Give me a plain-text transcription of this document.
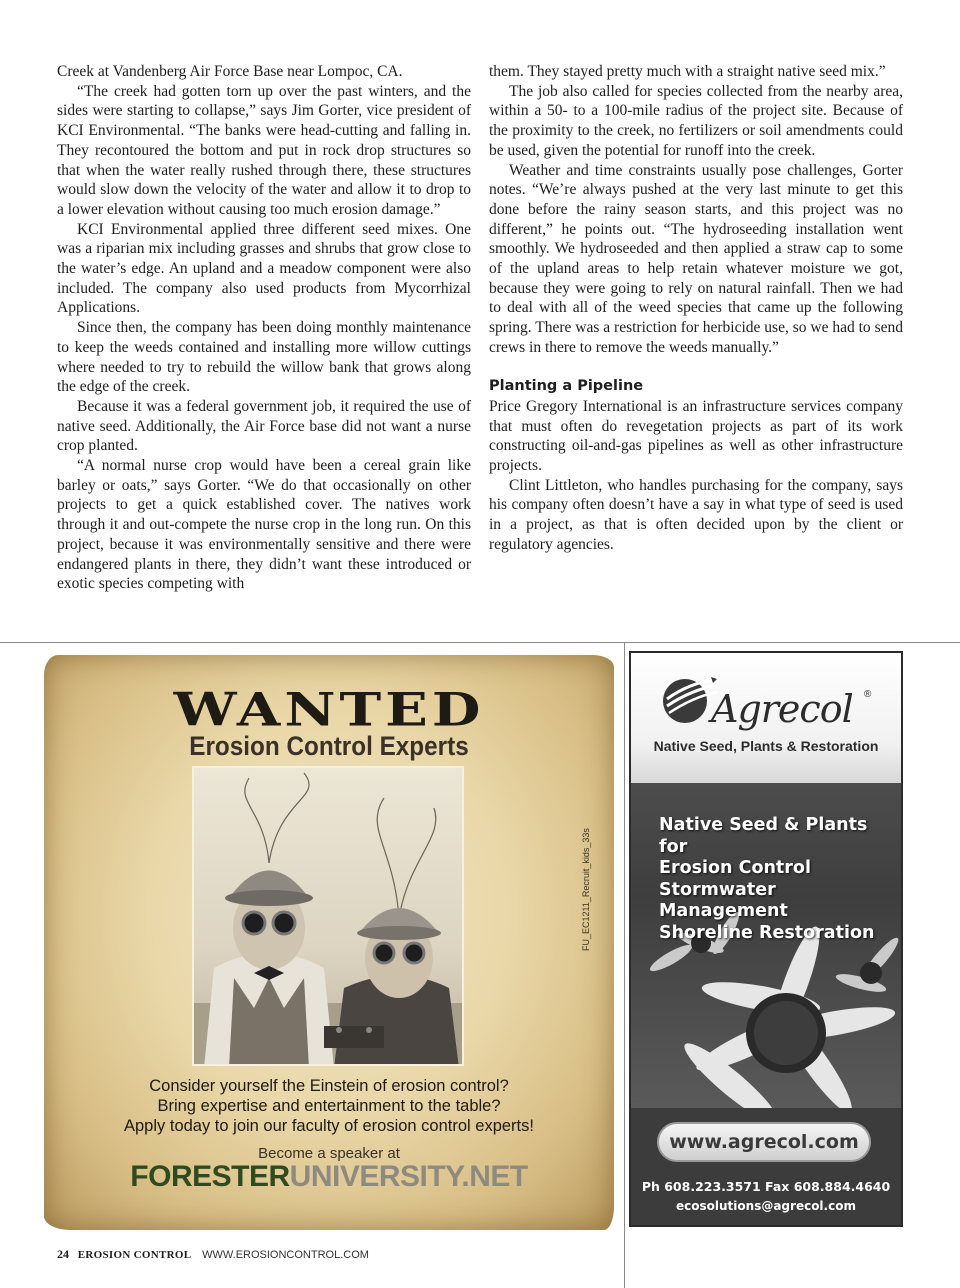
Creek at Vandenberg Air Force Base near Lompoc, CA.

“The creek had gotten torn up over the past winters, and the sides were starting to collapse,” says Jim Gorter, vice president of KCI Environmental. “The banks were head-cutting and falling in. They recontoured the bottom and put in rock drop structures so that when the water really rushed through there, these structures would slow down the velocity of the water and allow it to drop to a lower elevation without causing too much erosion damage.”

KCI Environmental applied three different seed mixes. One was a riparian mix including grasses and shrubs that grow close to the water’s edge. An upland and a meadow component were also included. The company also used products from Mycorrhizal Applications.

Since then, the company has been doing monthly maintenance to keep the weeds contained and installing more willow cuttings where needed to try to rebuild the willow bank that grows along the edge of the creek.

Because it was a federal government job, it required the use of native seed. Additionally, the Air Force base did not want a nurse crop planted.

“A normal nurse crop would have been a cereal grain like barley or oats,” says Gorter. “We do that occasionally on other projects to get a quick established cover. The natives work through it and out-compete the nurse crop in the long run. On this project, because it was environmentally sensitive and there were endangered plants in there, they didn’t want these introduced or exotic species competing with

them. They stayed pretty much with a straight native seed mix.”

The job also called for species collected from the nearby area, within a 50- to a 100-mile radius of the project site. Because of the proximity to the creek, no fertilizers or soil amendments could be used, given the potential for runoff into the creek.

Weather and time constraints usually pose challenges, Gorter notes. “We’re always pushed at the very last minute to get this done before the rainy season starts, and this project was no different,” he points out. “The hydroseeding installation went smoothly. We hydroseeded and then applied a straw cap to some of the upland areas to help retain whatever moisture we got, because they were going to rely on natural rainfall. Then we had to deal with all of the weed species that came up the following spring. There was a restriction for herbicide use, so we had to send crews in there to remove the weeds manually.”

Planting a Pipeline

Price Gregory International is an infrastructure services company that must often do revegetation projects as part of its work constructing oil-and-gas pipelines as well as other infrastructure projects.

Clint Littleton, who handles purchasing for the company, says his company often doesn’t have a say in what type of seed is used in a project, as that is often decided upon by the client or regulatory agencies.

WANTED
Erosion Control Experts
FU_EC1211_Recruit_kids_33s
Consider yourself the Einstein of erosion control?
Bring expertise and entertainment to the table?
Apply today to join our faculty of erosion control experts!
Become a speaker at
FORESTERUNIVERSITY.NET
Agrecol ®
Native Seed, Plants & Restoration
Native Seed & Plants for
Erosion Control
Stormwater Management
Shoreline Restoration
www.agrecol.com
Ph 608.223.3571 Fax 608.884.4640
ecosolutions@agrecol.com
24 EROSION CONTROL WWW.EROSIONCONTROL.COM
